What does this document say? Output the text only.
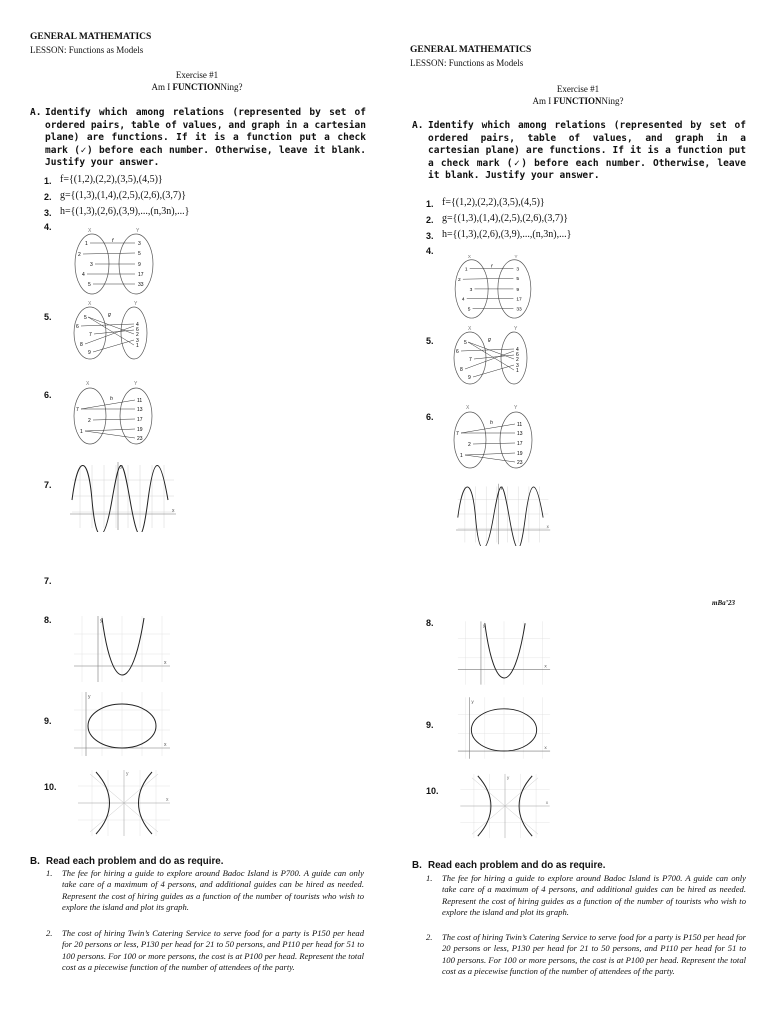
GENERAL MATHEMATICS
LESSON: Functions as Models
Exercise #1
Am I FUNCTIONNing?
A. Identify which among relations (represented by set of ordered pairs, table of values, and graph in a cartesian plane) are functions. If it is a function put a check mark (✓) before each number. Otherwise, leave it blank. Justify your answer.
1. f={(1,2),(2,2),(3,5),(4,5)}
2. g={(1,3),(1,4),(2,5),(2,6),(3,7)}
3. h={(1,3),(2,6),(3,9),...,(n,3n),...}
4.	X	Y
f
1
2
3
4
5
3
5
9
17
33
5.
X	Y
g
5
6
7
8
9
4
6
2
3
1
6.
X	Y
h
7
2
1
11
13
17
19
23
7.
y
x
7.
8.	y
x
9.
y
x
10.
y
x
B. Read each problem and do as require.
1. The fee for hiring a guide to explore around Badoc Island is P700. A guide can only take care of a maximum of 4 persons, and additional guides can be hired as needed. Represent the cost of hiring guides as a function of the number of tourists who wish to explore the island and plot its graph.
2. The cost of hiring Twin’s Catering Service to serve food for a party is P150 per head for 20 persons or less, P130 per head for 21 to 50 persons, and P110 per head for 51 to 100 persons. For 100 or more persons, the cost is at P100 per head. Represent the total cost as a piecewise function of the number of attendees of the party.
GENERAL MATHEMATICS
LESSON: Functions as Models
Exercise #1
Am I FUNCTIONNing?
A. Identify which among relations (represented by set of ordered pairs, table of values, and graph in a cartesian plane) are functions. If it is a function put a check mark (✓) before each number. Otherwise, leave it blank. Justify your answer.
1. f={(1,2),(2,2),(3,5),(4,5)}
2. g={(1,3),(1,4),(2,5),(2,6),(3,7)}
3. h={(1,3),(2,6),(3,9),...,(n,3n),...}
4.
X	Y
f
1
2
3
4
5
3
5
9
17
33
5.
X	Y
g
5
6
7
8
9
4
6
2
3
1
6.
X	Y
h
7
2
1
11
13
17
19
23
y
x
mBa’23
8.	y
x
9.
y
x
10.
y
x
B. Read each problem and do as require.
1. The fee for hiring a guide to explore around Badoc Island is P700. A guide can only take care of a maximum of 4 persons, and additional guides can be hired as needed. Represent the cost of hiring guides as a function of the number of tourists who wish to explore the island and plot its graph.
2. The cost of hiring Twin’s Catering Service to serve food for a party is P150 per head for 20 persons or less, P130 per head for 21 to 50 persons, and P110 per head for 51 to 100 persons. For 100 or more persons, the cost is at P100 per head. Represent the total cost as a piecewise function of the number of attendees of the party.
